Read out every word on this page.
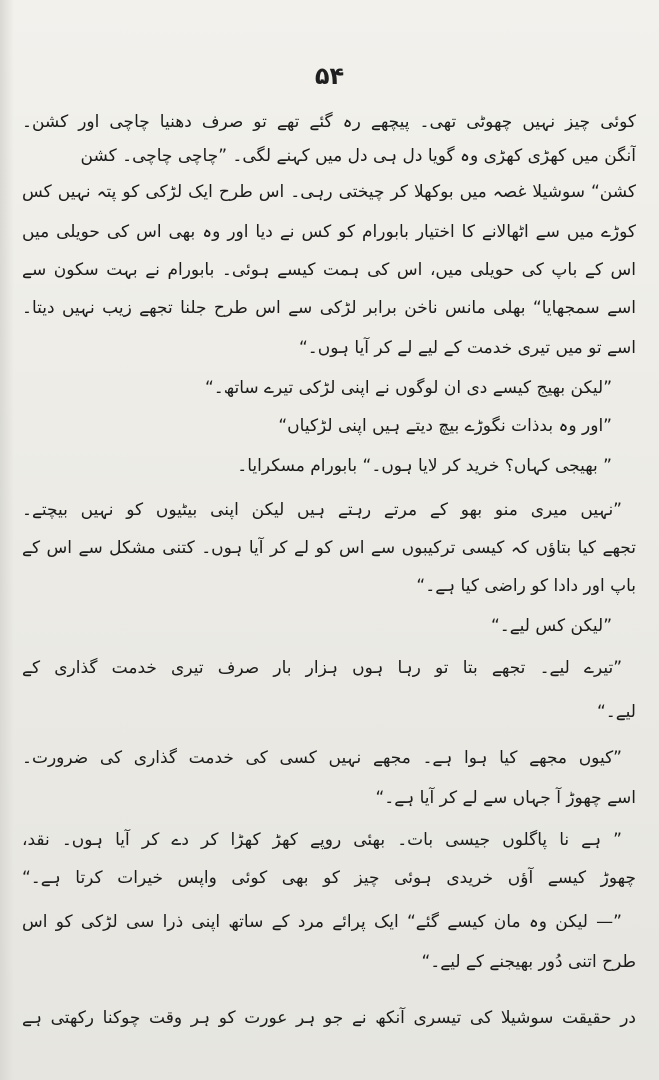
۵۴
کوئی چیز نہیں چھوٹی تھی۔ پیچھے رہ گئے تھے تو صرف دھنیا چاچی اور کشن۔
آنگن میں کھڑی کھڑی وہ گویا دل ہی دل میں کہنے لگی۔ ”چاچی چاچی۔ کشن
کشن“ سوشیلا غصہ میں بوکھلا کر چیختی رہی۔ اس طرح ایک لڑکی کو پتہ نہیں کس
کوڑے میں سے اٹھالانے کا اختیار بابورام کو کس نے دیا اور وہ بھی اس کی حویلی میں
اس کے باپ کی حویلی میں، اس کی ہمت کیسے ہوئی۔ بابورام نے بہت سکون سے
اسے سمجھایا“ بھلی مانس ناخن برابر لڑکی سے اس طرح جلنا تجھے زیب نہیں دیتا۔
اسے تو میں تیری خدمت کے لیے لے کر آیا ہوں۔“
”لیکن بھیج کیسے دی ان لوگوں نے اپنی لڑکی تیرے ساتھ۔“
”اور وہ بدذات نگوڑے بیچ دیتے ہیں اپنی لڑکیاں“
” بھیجی کہاں؟ خرید کر لایا ہوں۔“ بابورام مسکرایا۔
”نہیں میری منو بھو کے مرتے رہتے ہیں لیکن اپنی بیٹیوں کو نہیں بیچتے۔
تجھے کیا بتاؤں کہ کیسی ترکیبوں سے اس کو لے کر آیا ہوں۔ کتنی مشکل سے اس کے
باپ اور دادا کو راضی کیا ہے۔“
”لیکن کس لیے۔“
”تیرے لیے۔ تجھے بتا تو رہا ہوں ہزار بار صرف تیری خدمت گذاری کے
لیے۔“
”کیوں مجھے کیا ہوا ہے۔ مجھے نہیں کسی کی خدمت گذاری کی ضرورت۔
اسے چھوڑ آ جہاں سے لے کر آیا ہے۔“
” ہے نا پاگلوں جیسی بات۔ بھئی روپے کھڑ کھڑا کر دے کر آیا ہوں۔ نقد،
چھوڑ کیسے آؤں خریدی ہوئی چیز کو بھی کوئی واپس خیرات کرتا ہے۔“
”— لیکن وہ مان کیسے گئے“ ایک پرائے مرد کے ساتھ اپنی ذرا سی لڑکی کو اس
طرح اتنی دُور بھیجنے کے لیے۔“
در حقیقت سوشیلا کی تیسری آنکھ نے جو ہر عورت کو ہر وقت چوکنا رکھتی ہے
